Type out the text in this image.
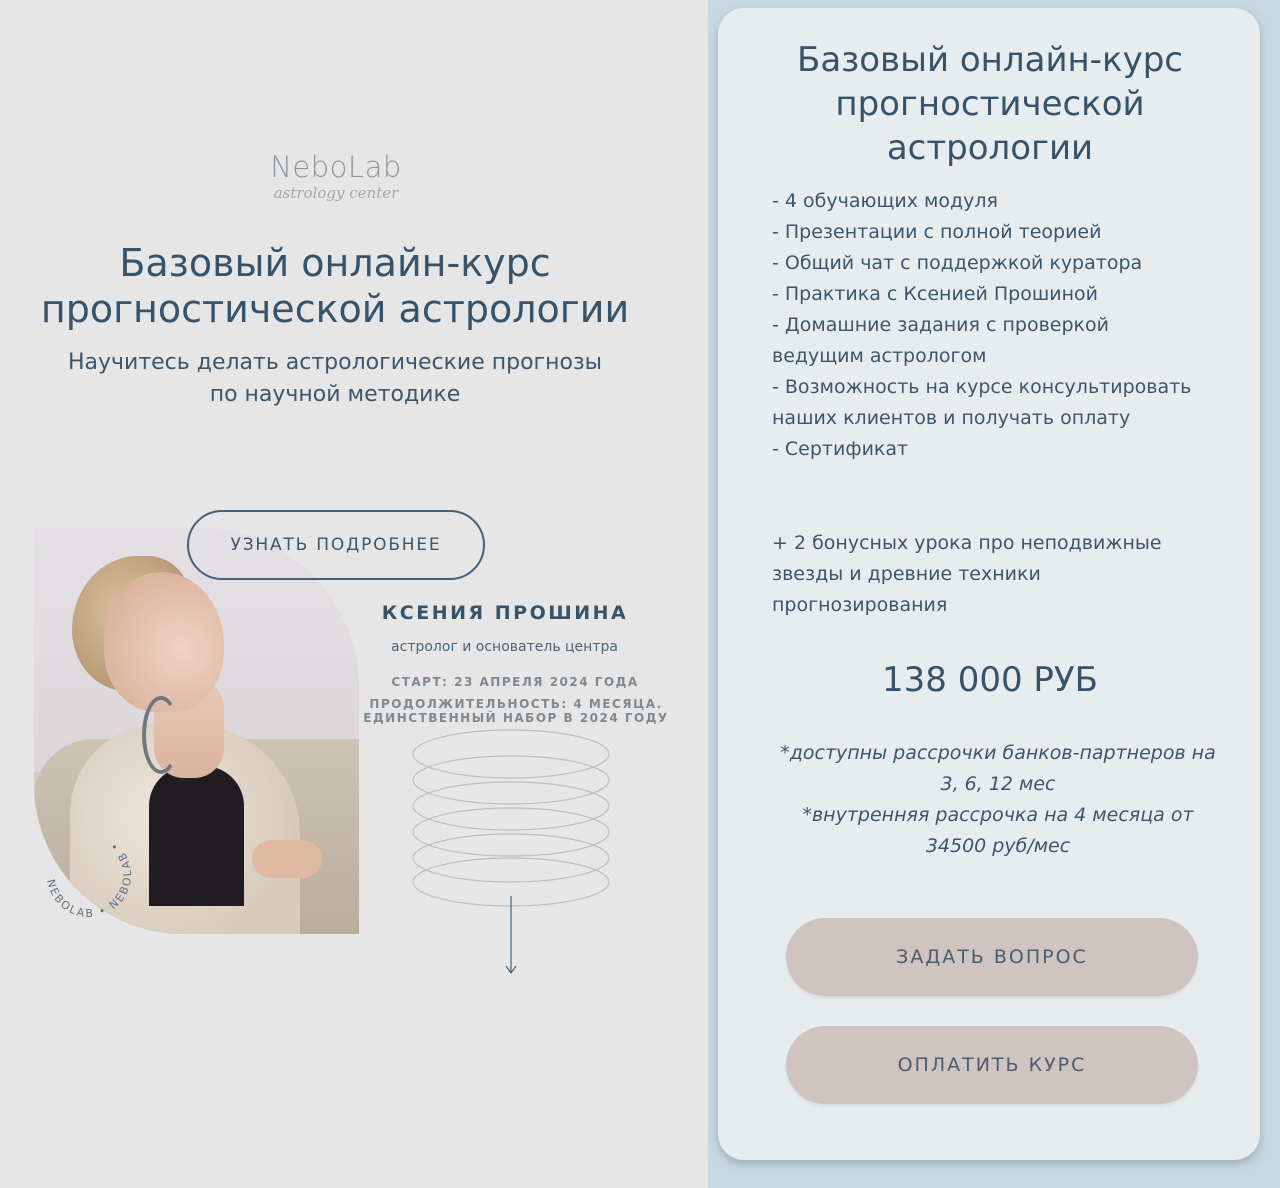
NeboLab
astrology center
Базовый онлайн-курс прогностической астрологии
Научитесь делать астрологические прогнозы по научной методике
NEBOLAB • NEBOLAB •
УЗНАТЬ ПОДРОБНЕЕ
КСЕНИЯ ПРОШИНА
астролог и основатель центра
СТАРТ: 23 АПРЕЛЯ 2024 ГОДА
ПРОДОЛЖИТЕЛЬНОСТЬ: 4 МЕСЯЦА. ЕДИНСТВЕННЫЙ НАБОР В 2024 ГОДУ
Базовый онлайн-курс прогностической астрологии
- 4 обучающих модуля
- Презентации с полной теорией
- Общий чат с поддержкой куратора
- Практика с Ксенией Прошиной
- Домашние задания с проверкой ведущим астрологом
- Возможность на курсе консультировать наших клиентов и получать оплату
- Сертификат
+ 2 бонусных урока про неподвижные звезды и древние техники прогнозирования
138 000 РУБ
*доступны рассрочки банков-партнеров на 3, 6, 12 мес
*внутренняя рассрочка на 4 месяца от
34500 руб/мес
ЗАДАТЬ ВОПРОС
ОПЛАТИТЬ КУРС
